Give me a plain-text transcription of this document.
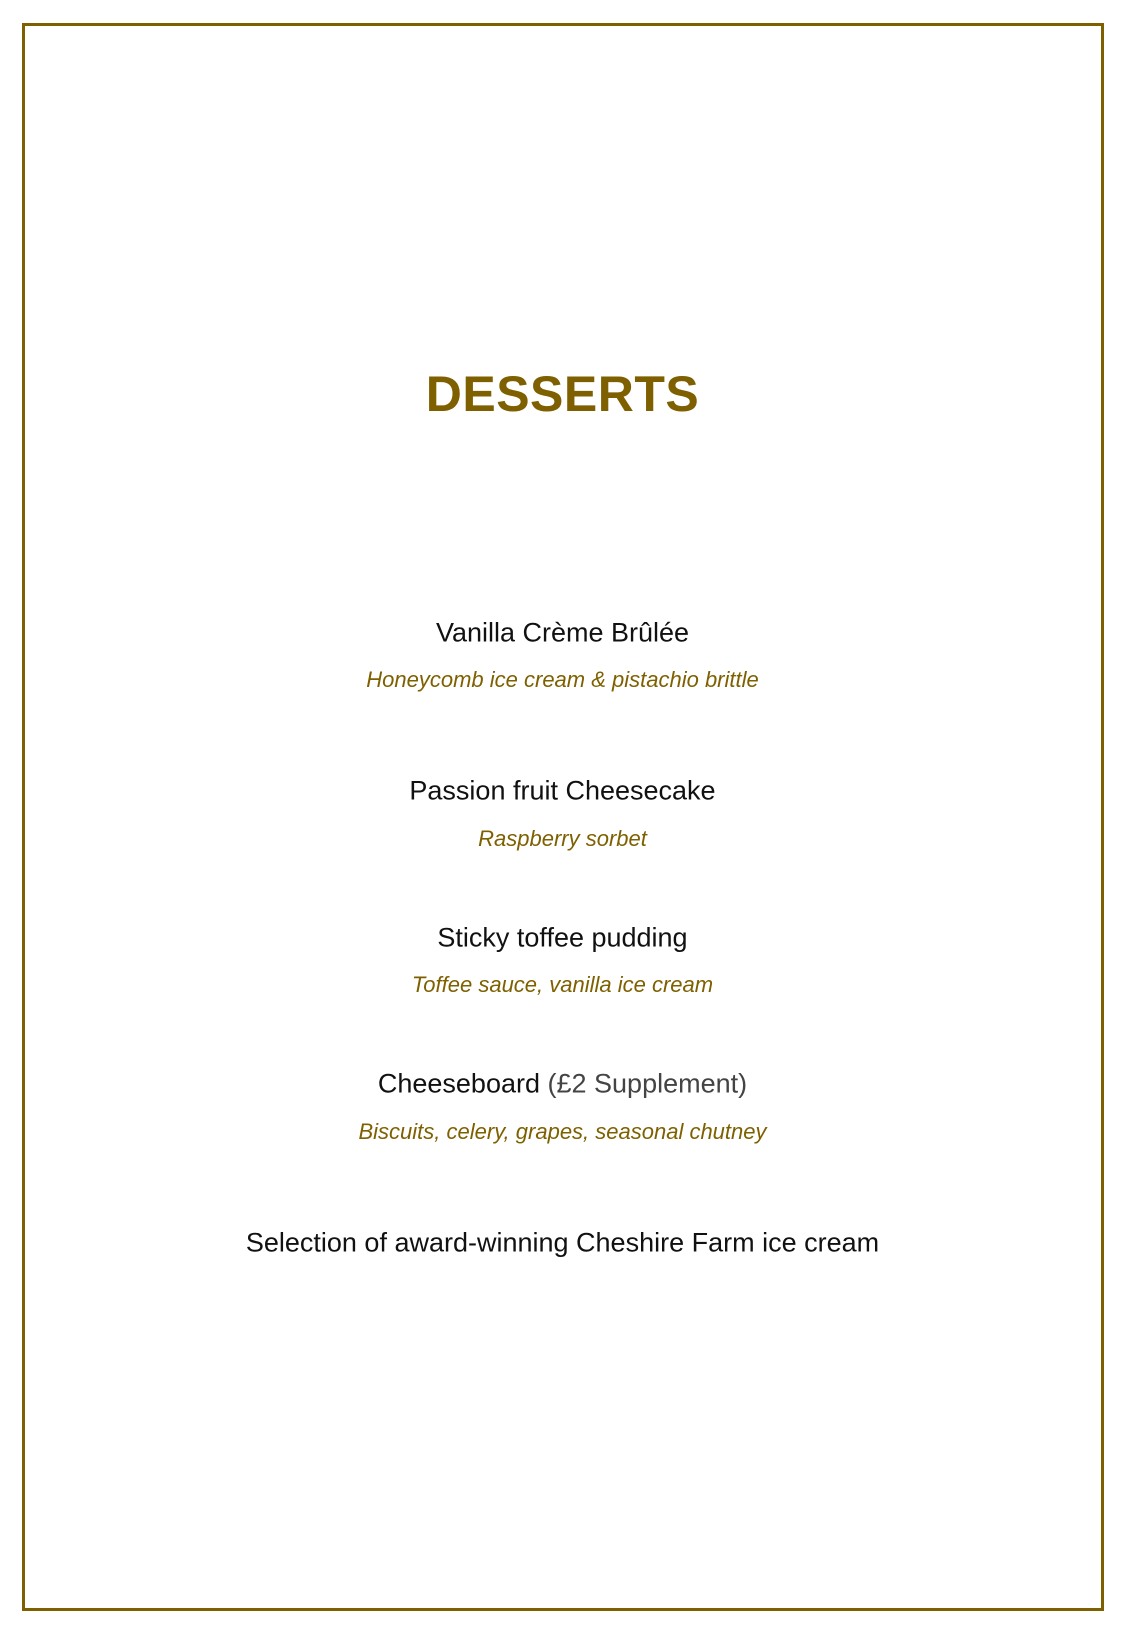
DESSERTS
Vanilla Crème Brûlée
Honeycomb ice cream & pistachio brittle
Passion fruit Cheesecake
Raspberry sorbet
Sticky toffee pudding
Toffee sauce, vanilla ice cream
Cheeseboard (£2 Supplement)
Biscuits, celery, grapes, seasonal chutney
Selection of award-winning Cheshire Farm ice cream
